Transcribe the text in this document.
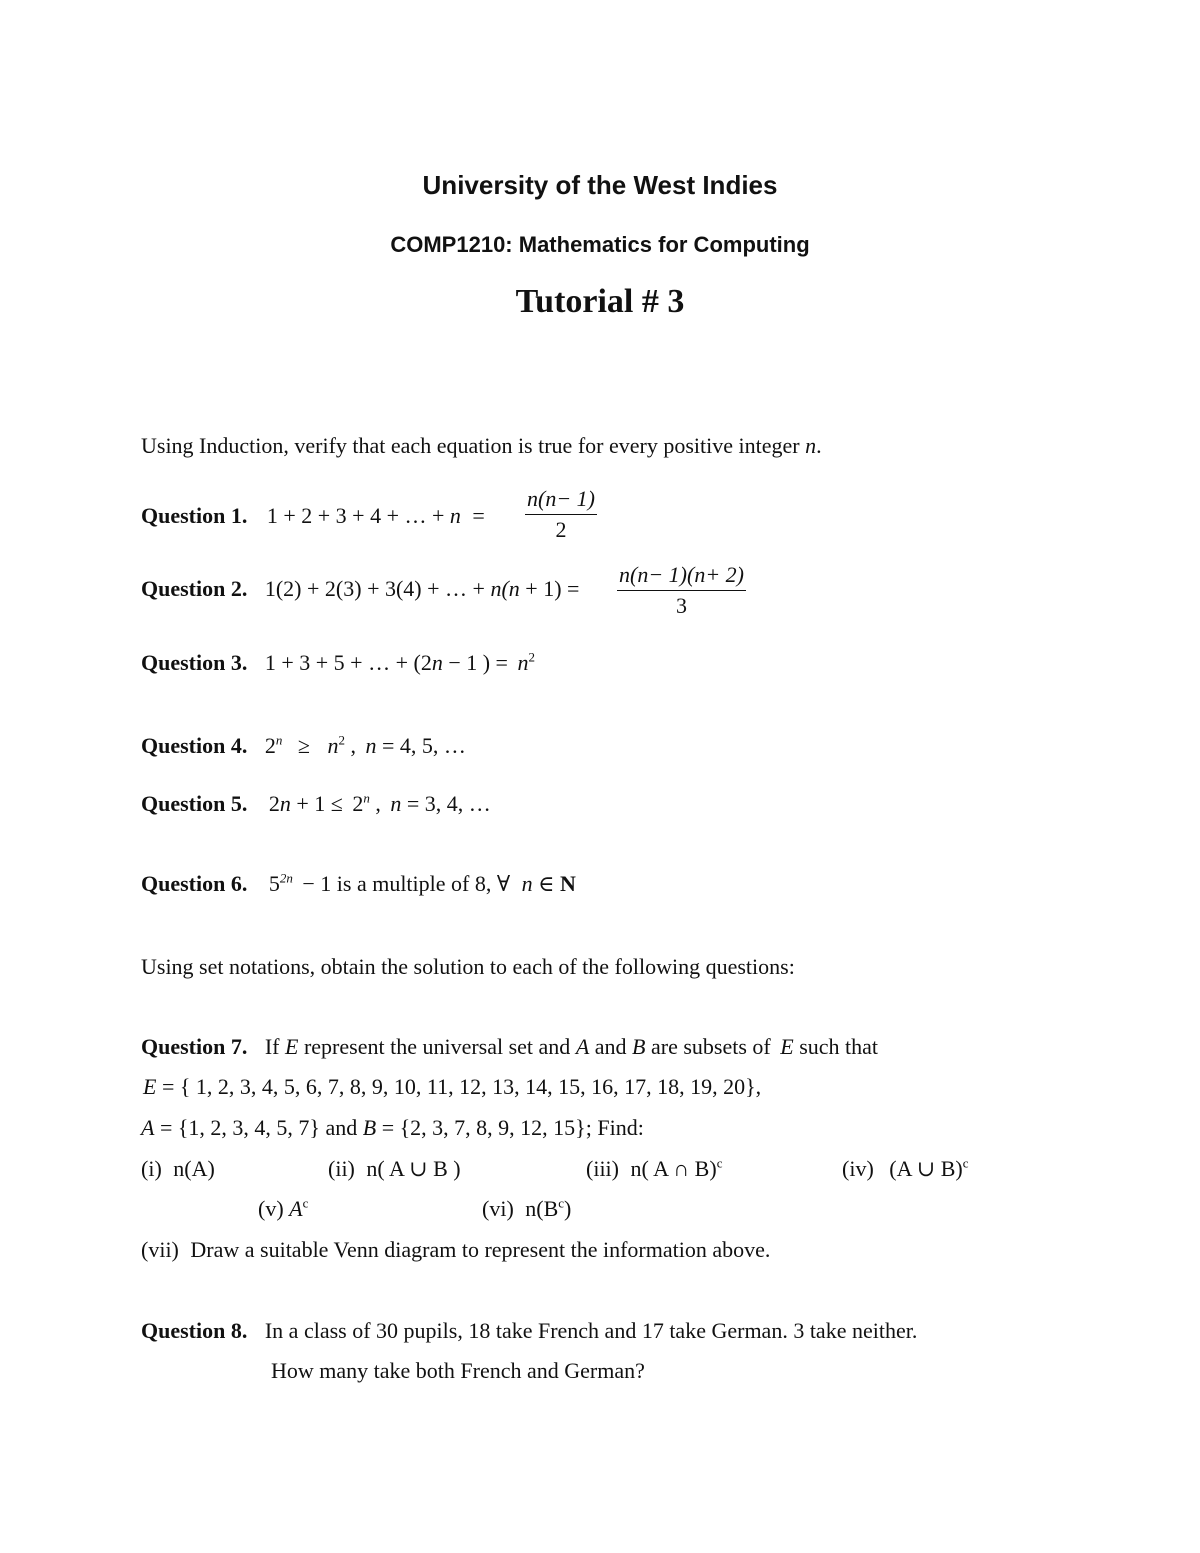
University of the West Indies
COMP1210: Mathematics for Computing
Tutorial # 3
Using Induction, verify that each equation is true for every positive integer n.
Question 1. 1 + 2 + 3 + 4 + … + $n = \frac{n(n- 1)}{2}$
Question 2. 1(2) + 2(3) + 3(4) + … + $n(n + 1) = \frac{n(n- 1)(n+ 2)}{3}$
Question 3. 1 + 3 + 5 + … + (2n − 1 ) = $n^2$
Question 4. $2^n \ge n^2$ , n = 4, 5, …
Question 5. $2n + 1 \le 2^n$ , n = 3, 4, …
Question 6. $5^{2n} - 1$ is a multiple of 8, ∀ n ∈ N
Using set notations, obtain the solution to each of the following questions:
Question 7. If E represent the universal set and A and B are subsets of E such that
E = { 1, 2, 3, 4, 5, 6, 7, 8, 9, 10, 11, 12, 13, 14, 15, 16, 17, 18, 19, 20},
A = {1, 2, 3, 4, 5, 7} and B = {2, 3, 7, 8, 9, 12, 15}; Find:
(i) n(A)	(ii) n( A ∪ B )	(iii) n( A ∩ B)$^c$	(iv) (A ∪ B)$^c$
(v) $A^c$	(vi) $n(B^c)$
(vii) Draw a suitable Venn diagram to represent the information above.
Question 8. In a class of 30 pupils, 18 take French and 17 take German. 3 take neither.
How many take both French and German?
